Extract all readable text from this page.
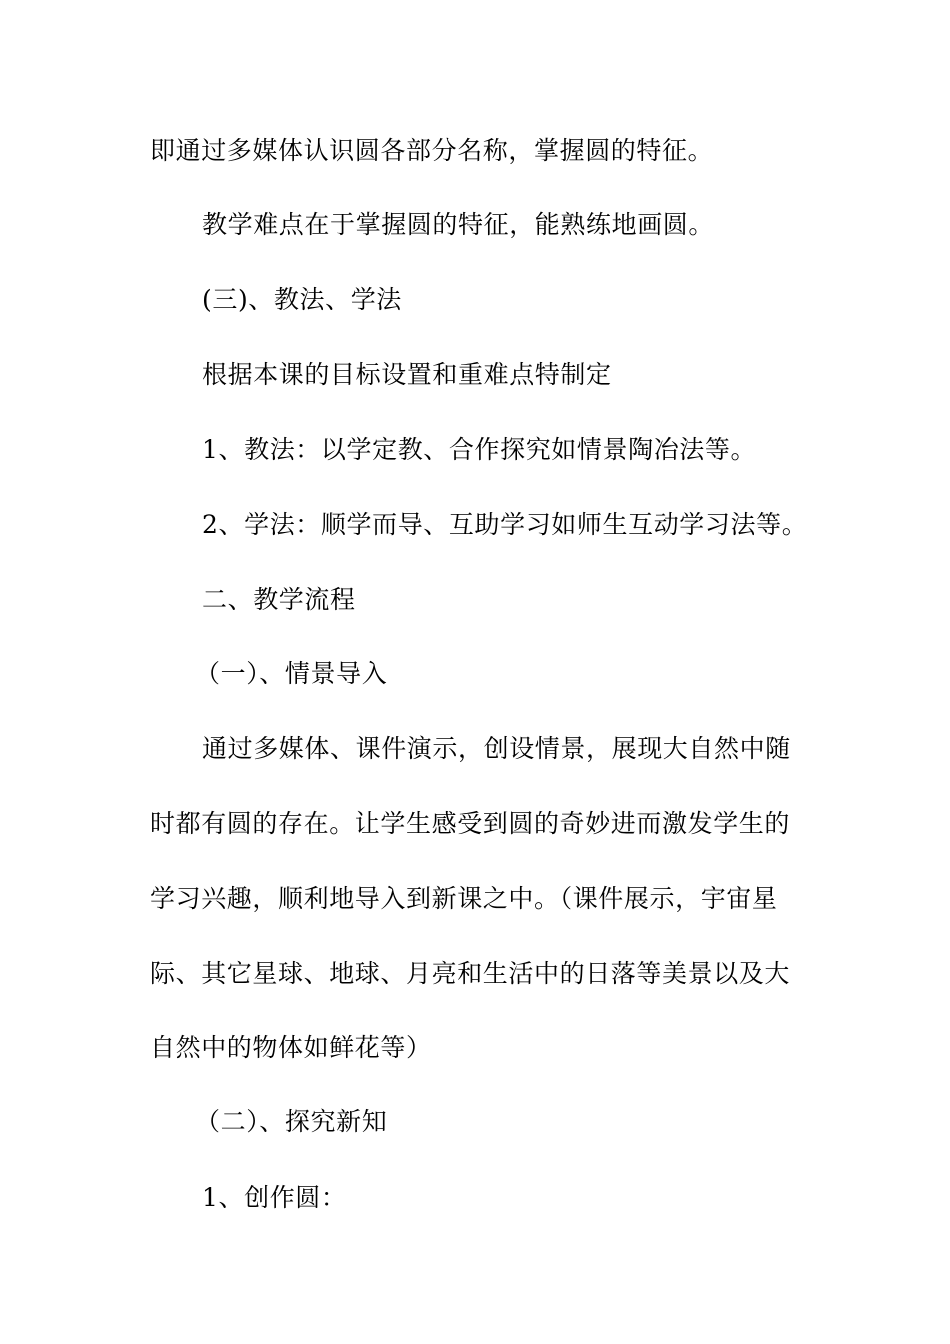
即通过多媒体认识圆各部分名称，掌握圆的特征。
教学难点在于掌握圆的特征，能熟练地画圆。
(三)、教法、学法
根据本课的目标设置和重难点特制定
1、教法：以学定教、合作探究如情景陶冶法等。
2、学法：顺学而导、互助学习如师生互动学习法等。
二、教学流程
（一）、情景导入
通过多媒体、课件演示，创设情景，展现大自然中随
时都有圆的存在。让学生感受到圆的奇妙进而激发学生的
学习兴趣，顺利地导入到新课之中。（课件展示，宇宙星
际、其它星球、地球、月亮和生活中的日落等美景以及大
自然中的物体如鲜花等）
（二）、探究新知
1、创作圆：
